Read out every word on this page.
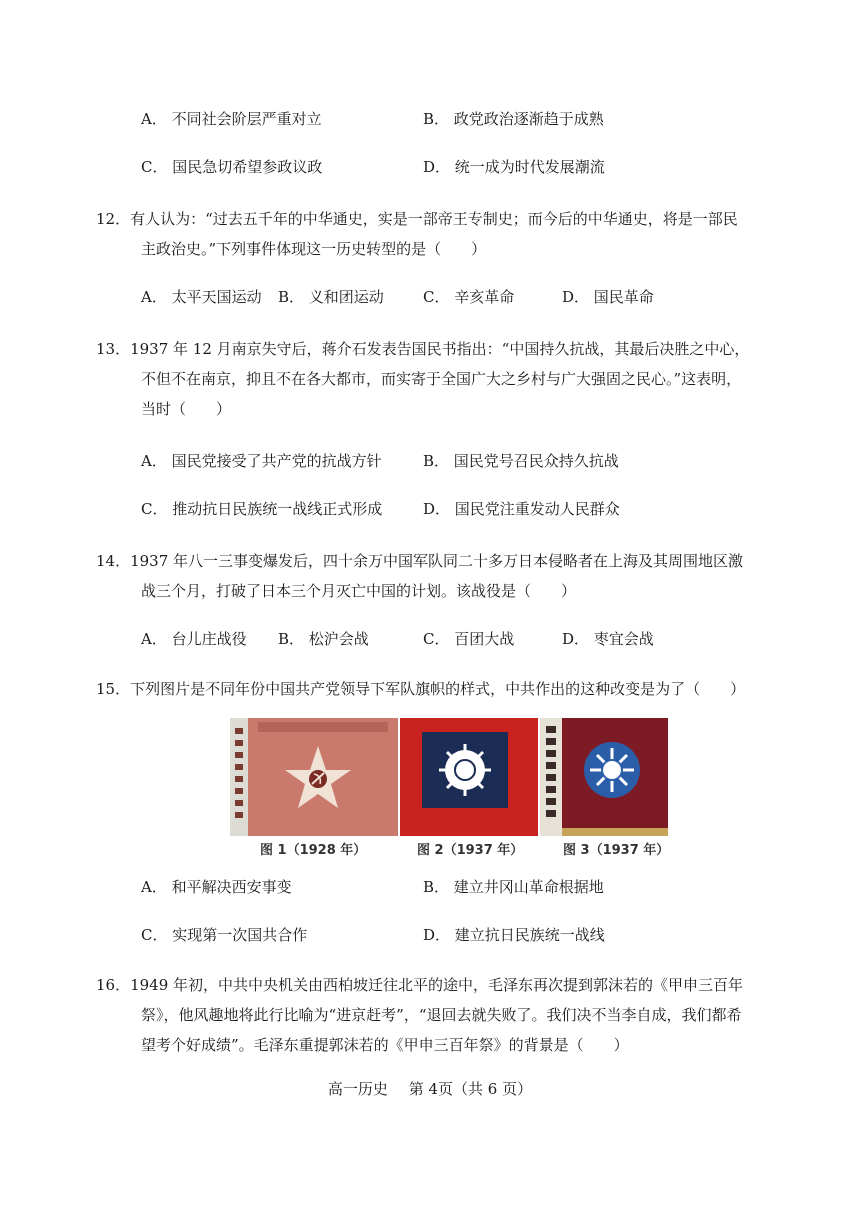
A． 不同社会阶层严重对立	B． 政党政治逐渐趋于成熟
C． 国民急切希望参政议政	D． 统一成为时代发展潮流
12．有人认为：“过去五千年的中华通史，实是一部帝王专制史；而今后的中华通史，将是一部民
主政治史。”下列事件体现这一历史转型的是（　　）
A． 太平天国运动 B． 义和团运动	C． 辛亥革命	D． 国民革命
13．1937 年 12 月南京失守后，蒋介石发表告国民书指出：“中国持久抗战，其最后决胜之中心，
不但不在南京，抑且不在各大都市，而实寄于全国广大之乡村与广大强固之民心。”这表明，
当时（　　）
A． 国民党接受了共产党的抗战方针	B． 国民党号召民众持久抗战
C． 推动抗日民族统一战线正式形成	D． 国民党注重发动人民群众
14．1937 年八一三事变爆发后，四十余万中国军队同二十多万日本侵略者在上海及其周围地区激
战三个月，打破了日本三个月灭亡中国的计划。该战役是（　　）
A． 台儿庄战役 B． 松沪会战	C． 百团大战	D． 枣宜会战
15．下列图片是不同年份中国共产党领导下军队旗帜的样式，中共作出的这种改变是为了（　　）
图 1（1928 年）	图 2（1937 年）	图 3（1937 年）
A． 和平解决西安事变	B． 建立井冈山革命根据地
C． 实现第一次国共合作	D． 建立抗日民族统一战线
16．1949 年初，中共中央机关由西柏坡迁往北平的途中，毛泽东再次提到郭沫若的《甲申三百年
祭》，他风趣地将此行比喻为“进京赶考”，“退回去就失败了。我们决不当李自成，我们都希
望考个好成绩”。毛泽东重提郭沫若的《甲申三百年祭》的背景是（　　）
高一历史 第 4页（共 6 页）
